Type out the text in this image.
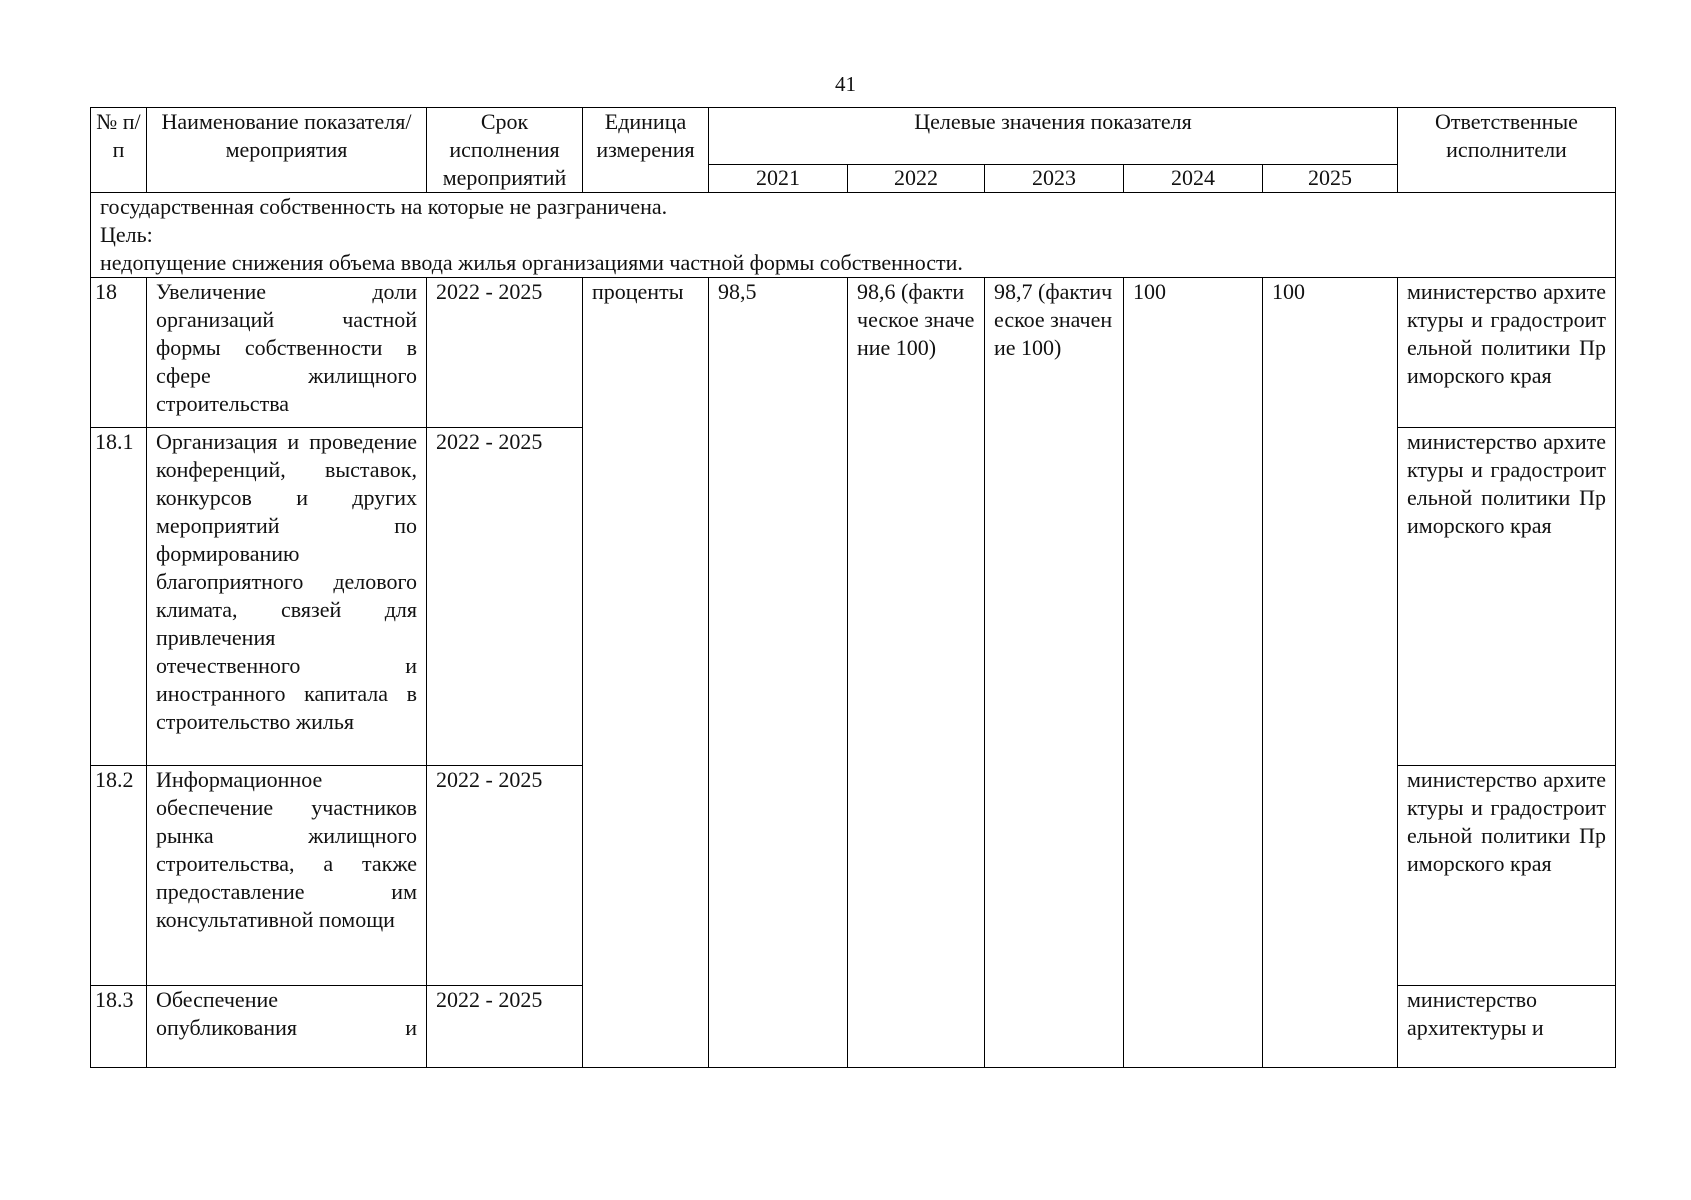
41
№ п/п	Наименование показателя/мероприятия	Срок исполнения мероприятий	Единица измерения	Целевые значения показателя					Ответственные исполнители
				2021	2022	2023	2024	2025	

государственная собственность на которые не разграничена.

Цель:

недопущение снижения объема ввода жилья организациями частной формы собственности.									

18	Увеличение доли организаций частной формы собственности в сфере жилищного строительства	2022 - 2025	проценты	98,5	98,6 (фактическое значение 100)	98,7 (фактическое значение 100)	100	100	министерство архитектуры и градостроительной политики Приморского края
18.1	Организация и проведение конференций, выставок, конкурсов и других мероприятий по формированию благоприятного делового климата, связей для привлечения отечественного и иностранного капитала в строительство жилья	2022 - 2025							министерство архитектуры и градостроительной политики Приморского края
18.2	Информационное обеспечение участников рынка жилищного строительства, а также предоставление им консультативной помощи	2022 - 2025							министерство архитектуры и градостроительной политики Приморского края
18.3	Обеспечение опубликования и	2022 - 2025							министерство архитектуры и
